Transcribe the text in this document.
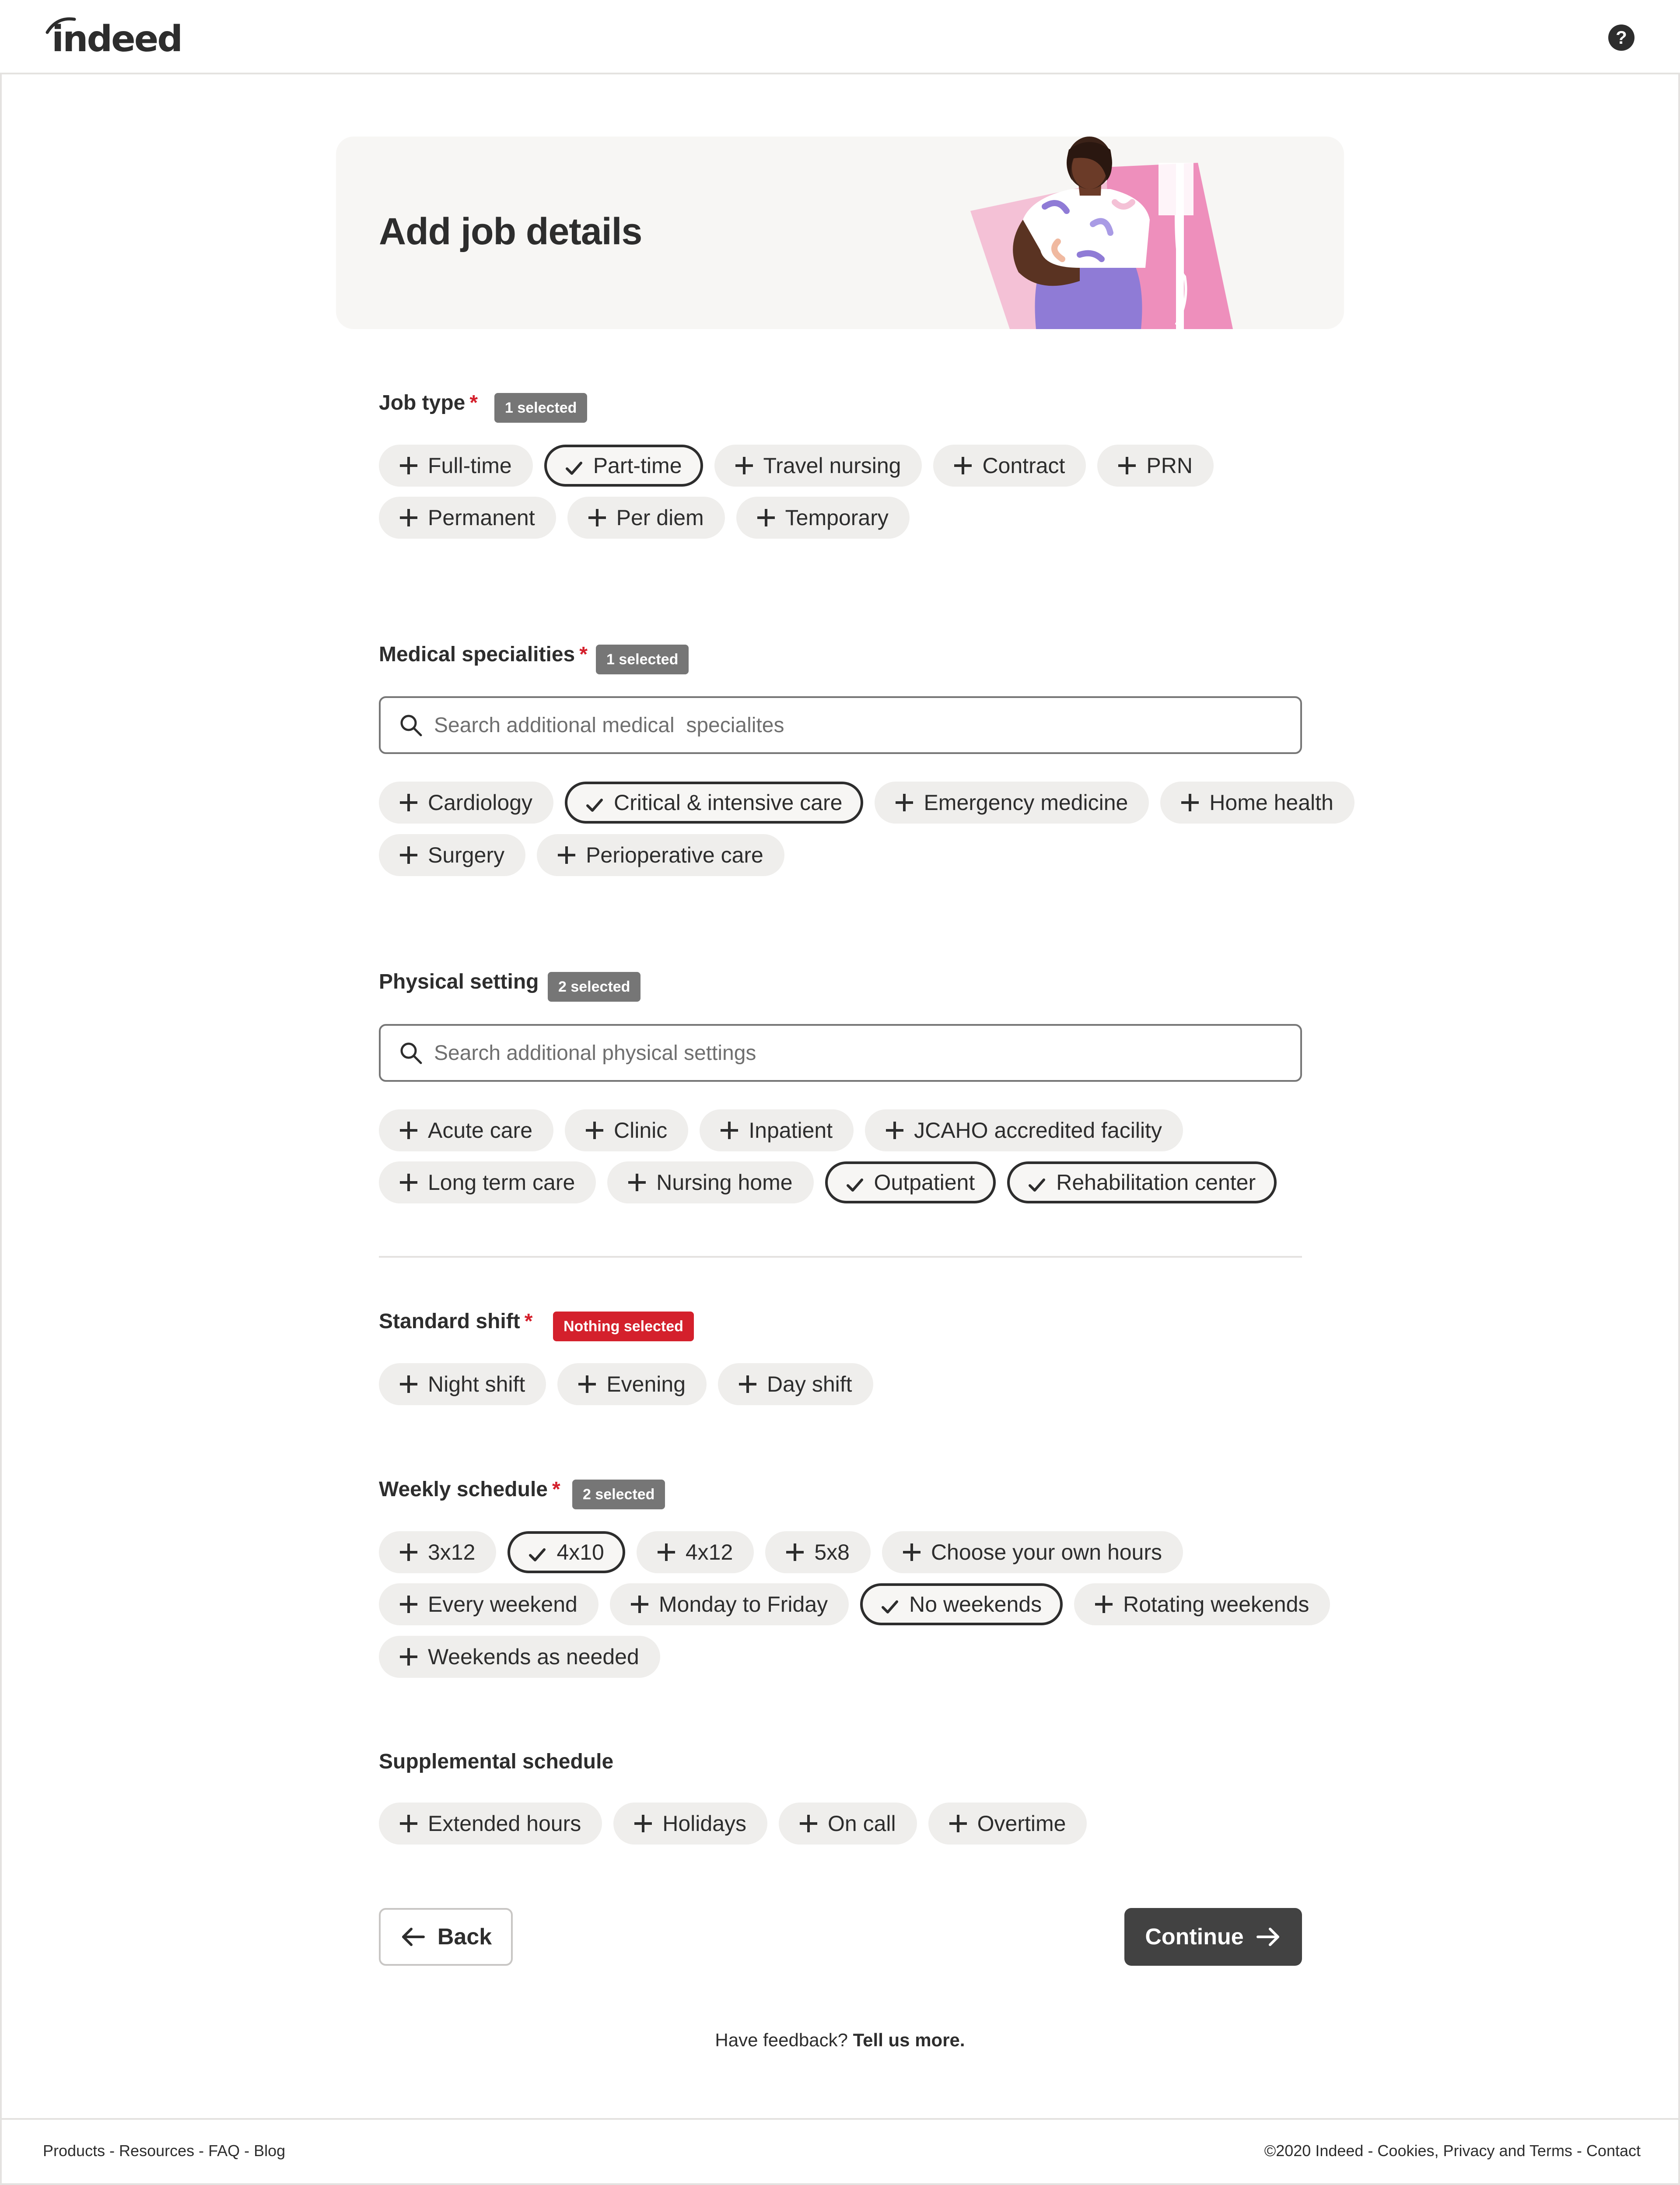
indeed	?
Add job details
Job type *	1 selected
Full-time	Part-time	Travel nursing	Contract	PRN
Permanent	Per diem	Temporary
Medical specialities *	1 selected
Search additional medical specialites
Cardiology	Critical & intensive care	Emergency medicine	Home health
Surgery	Perioperative care
Physical setting	2 selected
Search additional physical settings
Acute care	Clinic	Inpatient	JCAHO accredited facility
Long term care	Nursing home	Outpatient	Rehabilitation center
Standard shift *	Nothing selected
Night shift	Evening	Day shift
Weekly schedule *	2 selected
3x12	4x10	4x12	5x8	Choose your own hours
Every weekend	Monday to Friday	No weekends	Rotating weekends
Weekends as needed
Supplemental schedule
Extended hours	Holidays	On call	Overtime
Back	Continue
Have feedback? Tell us more.
Products - Resources - FAQ - Blog	©2020 Indeed - Cookies, Privacy and Terms - Contact
